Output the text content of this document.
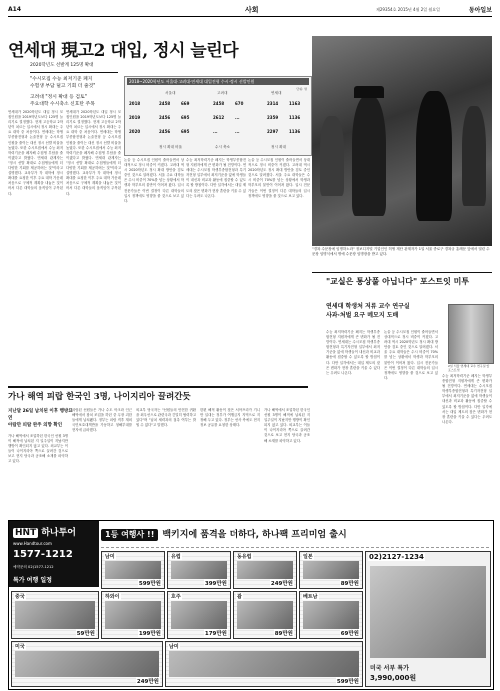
A14	사회	제29354호 2015년 4월 2일 월요일	동아일보
연세대 現고2 대입, 정시 늘린다
2020학년도 선발계 125명 확대
"수시모집 수능 최저기준 폐지
수험생 부담 덜고 기회 더 줄것"
고려대 "정시 확대 등 검토"
주요대학 수시축소 신호탄 주목
연세대가 2020학년도 대입 정시 모집인원을 2019학년도보다 125명 늘리기로 결정했다. 현재 고등학교 2학년이 치르는 입시에서 정시 확대는 주요 대학 중 처음이다. 연세대는 학생부종합전형과 논술전형 등 수시모집 인원을 줄이는 대신 정시 선발 비율을 높였다. 또한 수시모집에서 수능 최저학력기준을 폐지해 수험생 부담을 줄이겠다고 밝혔다. 연세대 관계자는 "정시 선발 확대로 수험생들에게 더 다양한 기회를 제공하려는 것"이라고 설명했다. 교육부가 각 대학에 정시 확대를 요청한 이후 주요 대학 가운데 처음으로 구체적 계획을 내놓은 것이어서 다른 대학들의 움직임이 주목된다.
연세대가 2020학년도 대입 정시 모집인원을 2019학년도보다 125명 늘리기로 결정했다. 현재 고등학교 2학년이 치르는 입시에서 정시 확대는 주요 대학 중 처음이다. 연세대는 학생부종합전형과 논술전형 등 수시모집 인원을 줄이는 대신 정시 선발 비율을 높였다. 또한 수시모집에서 수능 최저학력기준을 폐지해 수험생 부담을 줄이겠다고 밝혔다. 연세대 관계자는 "정시 선발 확대로 수험생들에게 더 다양한 기회를 제공하려는 것"이라고 설명했다. 교육부가 각 대학에 정시 확대를 요청한 이후 주요 대학 가운데 처음으로 구체적 계획을 내놓은 것이어서 다른 대학들의 움직임이 주목된다.
논술 등 수시모집 인원이 줄어들면서 상대적으로 정시 비중이 커졌다. 고려대 역시 2020학년도 정시 확대 방안을 검토 중인 것으로 알려졌다. 서울 주요 대학들은 수시 비중이 70%를 넘는 상황에서 학생과 학부모의 불만이 이어져 왔다. 입시 전문가들은 이번 결정이 다른 대학들의 입시 정책에도 영향을 줄 것으로 보고 있다.
수능 최저학력기준 폐지는 학생부종합전형 지원자에게 큰 변화가 될 전망이다. 연세대는 수시모집 학생부종합전형과 특기자전형 일부에서 최저기준을 없애 학생들이 내신과 비교과 활동에 집중할 수 있도록 할 방침이다. 다만 일각에서는 대입 제도의 잦은 변화가 현장 혼란을 키울 수 있다는 우려도 나온다.
논술 등 수시모집 인원이 줄어들면서 상대적으로 정시 비중이 커졌다. 고려대 역시 2020학년도 정시 확대 방안을 검토 중인 것으로 알려졌다. 서울 주요 대학들은 수시 비중이 70%를 넘는 상황에서 학생과 학부모의 불만이 이어져 왔다. 입시 전문가들은 이번 결정이 다른 대학들의 입시 정책에도 영향을 줄 것으로 보고 있다.
2018~2020학년도 서울대·고려대·연세대 대입전형 수시·정시 선발인원
단위: 명
서울대	고려대	연세대
2018	2458	669	2458	670	2314	1163
2019	2456	695	2612	...	2359	1136
2020	2456	695	...	...	2297	1136
정시 확대 비율	수시 축소	정시 확대
"경복 수문장에 임명하노라" 정보디지털 기업인인 허생 재단 관계자가 1일 서울 종로구 경복궁 흥례문 앞에서 열린 수문장 임명식에서 명예 수문장 임명장을 받고 있다.
"교실은 통상풀 아닙니다" 포스트잇 미투
연세대 학생처 저류 교수 연구실
사과·처벌 요구 메모지 도배
수능 최저학력기준 폐지는 학생부종합전형 지원자에게 큰 변화가 될 전망이다. 연세대는 수시모집 학생부종합전형과 특기자전형 일부에서 최저기준을 없애 학생들이 내신과 비교과 활동에 집중할 수 있도록 할 방침이다. 다만 일각에서는 대입 제도의 잦은 변화가 현장 혼란을 키울 수 있다는 우려도 나온다.
논술 등 수시모집 인원이 줄어들면서 상대적으로 정시 비중이 커졌다. 고려대 역시 2020학년도 정시 확대 방안을 검토 중인 것으로 알려졌다. 서울 주요 대학들은 수시 비중이 70%를 넘는 상황에서 학생과 학부모의 불만이 이어져 왔다. 입시 전문가들은 이번 결정이 다른 대학들의 입시 정책에도 영향을 줄 것으로 보고 있다.	수능 최저학력기준 폐지는 학생부종합전형 지원자에게 큰 변화가 될 전망이다. 연세대는 수시모집 학생부종합전형과 특기자전형 일부에서 최저기준을 없애 학생들이 내신과 비교과 활동에 집중할 수 있도록 할 방침이다. 다만 일각에서는 대입 제도의 잦은 변화가 현장 혼란을 키울 수 있다는 우려도 나온다.
2일 서울 연세대 교수 연구실 앞 포스트잇
가나 해역 피랍 한국인 3명, 나이지리아 끌려간듯
지난달 26일 납치된 이후 행방묘연
아랍만 피랍 완주 의향 확인
가나 해역에서 조업하던 한국인 선원 3명이 해적에 납치된 지 일주일이 지났지만 행방이 확인되지 않고 있다. 외교부는 이들이 나이지리아 쪽으로 끌려간 것으로 보고 현지 당국과 공조해 소재를 파악하고 있다.
피랍된 선원들은 가나 수도 아크라 인근 해역에서 참치 조업을 하던 중 무장 괴한들에게 납치됐다. 정부는 피랍 직후 재외국민보호대책반을 가동하고 청해부대를 현지에 급파했다.
외교부 당국자는 "선원들의 안전한 귀환을 최우선으로 관련국과 긴밀히 협력하고 있다"며 "납치 세력과의 접촉 여부는 밝힐 수 없다"고 말했다.
한편 해적 활동이 잦은 서아프리카 기니만 일대는 정부가 여행금지 지역으로 지정해 두고 있다. 정부는 선사 측에도 현지 정보 공유를 요청한 상태다.
가나 해역에서 조업하던 한국인 선원 3명이 해적에 납치된 지 일주일이 지났지만 행방이 확인되지 않고 있다. 외교부는 이들이 나이지리아 쪽으로 끌려간 것으로 보고 현지 당국과 공조해 소재를 파악하고 있다.
HNT 하나투어
www.Handtour.com
1577-1212
예약문의 02)1577-1212
특가 여행 일정
1등 여행사 !! 백키지에 품격을 더하다, 하나팩 프리미엄 출시
남미
599만원
유럽
399만원
동유럽
249만원
일본
89만원
중국
59만원
하와이
199만원
호주
179만원
괌
89만원
베트남
69만원
미국
249만원
남미
599만원
02)2127-1234
미국 서부 특가
3,990,000원
